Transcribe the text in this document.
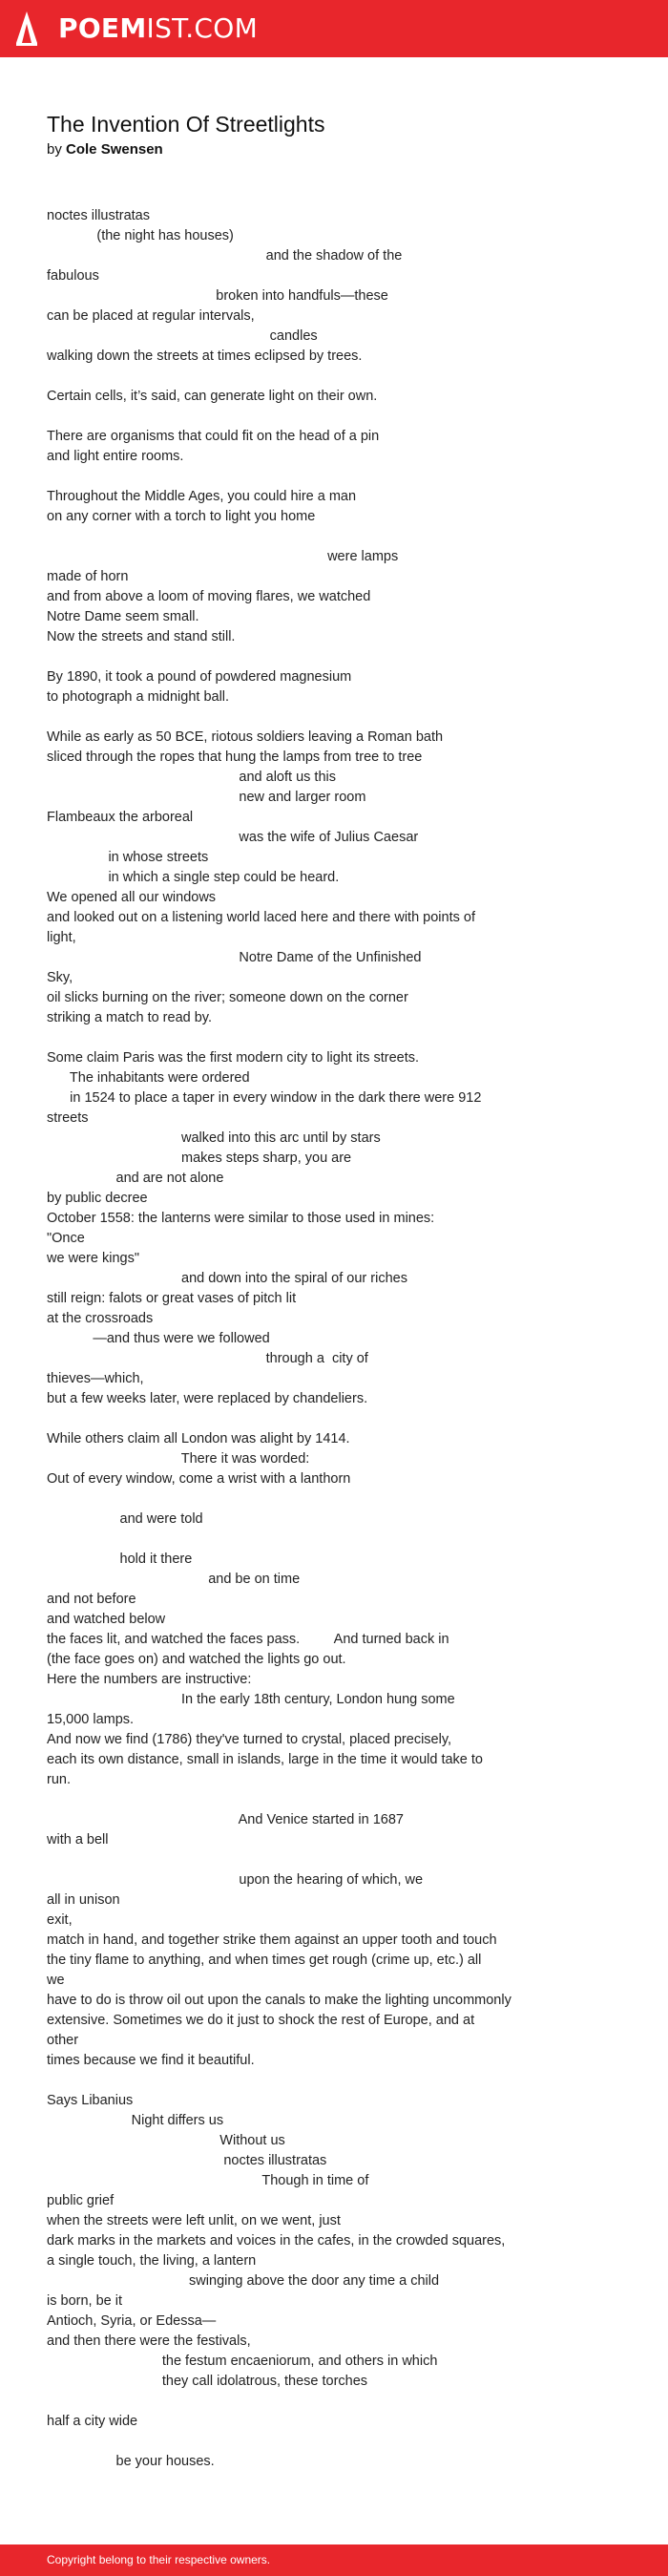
POEMIST.COM
The Invention Of Streetlights
by Cole Swensen
noctes illustratas
(the night has houses)
and the shadow of the
fabulous
broken into handfuls—these
can be placed at regular intervals,
candles
walking down the streets at times eclipsed by trees.
Certain cells, it’s said, can generate light on their own.
There are organisms that could fit on the head of a pin
and light entire rooms.
Throughout the Middle Ages, you could hire a man
on any corner with a torch to light you home
were lamps
made of horn
and from above a loom of moving flares, we watched
Notre Dame seem small.
Now the streets and stand still.
By 1890, it took a pound of powdered magnesium
to photograph a midnight ball.
While as early as 50 BCE, riotous soldiers leaving a Roman bath
sliced through the ropes that hung the lamps from tree to tree
and aloft us this
new and larger room
Flambeaux the arboreal
was the wife of Julius Caesar
in whose streets
in which a single step could be heard.
We opened all our windows
and looked out on a listening world laced here and there with points of
light,
Notre Dame of the Unfinished
Sky,
oil slicks burning on the river; someone down on the corner
striking a match to read by.
Some claim Paris was the first modern city to light its streets.
The inhabitants were ordered
in 1524 to place a taper in every window in the dark there were 912
streets
walked into this arc until by stars
makes steps sharp, you are
and are not alone
by public decree
October 1558: the lanterns were similar to those used in mines:
"Once
we were kings"
and down into the spiral of our riches
still reign: falots or great vases of pitch lit
at the crossroads
—and thus were we followed
through a  city of
thieves—which,
but a few weeks later, were replaced by chandeliers.
While others claim all London was alight by 1414.
There it was worded:
Out of every window, come a wrist with a lanthorn
and were told
hold it there
and be on time
and not before
and watched below
the faces lit, and watched the faces pass.         And turned back in
(the face goes on) and watched the lights go out.
Here the numbers are instructive:
In the early 18th century, London hung some
15,000 lamps.
And now we find (1786) they've turned to crystal, placed precisely,
each its own distance, small in islands, large in the time it would take to
run.
And Venice started in 1687
with a bell
upon the hearing of which, we
all in unison
exit,
match in hand, and together strike them against an upper tooth and touch
the tiny flame to anything, and when times get rough (crime up, etc.) all
we
have to do is throw oil out upon the canals to make the lighting uncommonly
extensive. Sometimes we do it just to shock the rest of Europe, and at
other
times because we find it beautiful.
Says Libanius
Night differs us
Without us
noctes illustratas
Though in time of
public grief
when the streets were left unlit, on we went, just
dark marks in the markets and voices in the cafes, in the crowded squares,
a single touch, the living, a lantern
swinging above the door any time a child
is born, be it
Antioch, Syria, or Edessa—
and then there were the festivals,
the festum encaeniorum, and others in which
they call idolatrous, these torches
half a city wide
be your houses.
Copyright belong to their respective owners.
